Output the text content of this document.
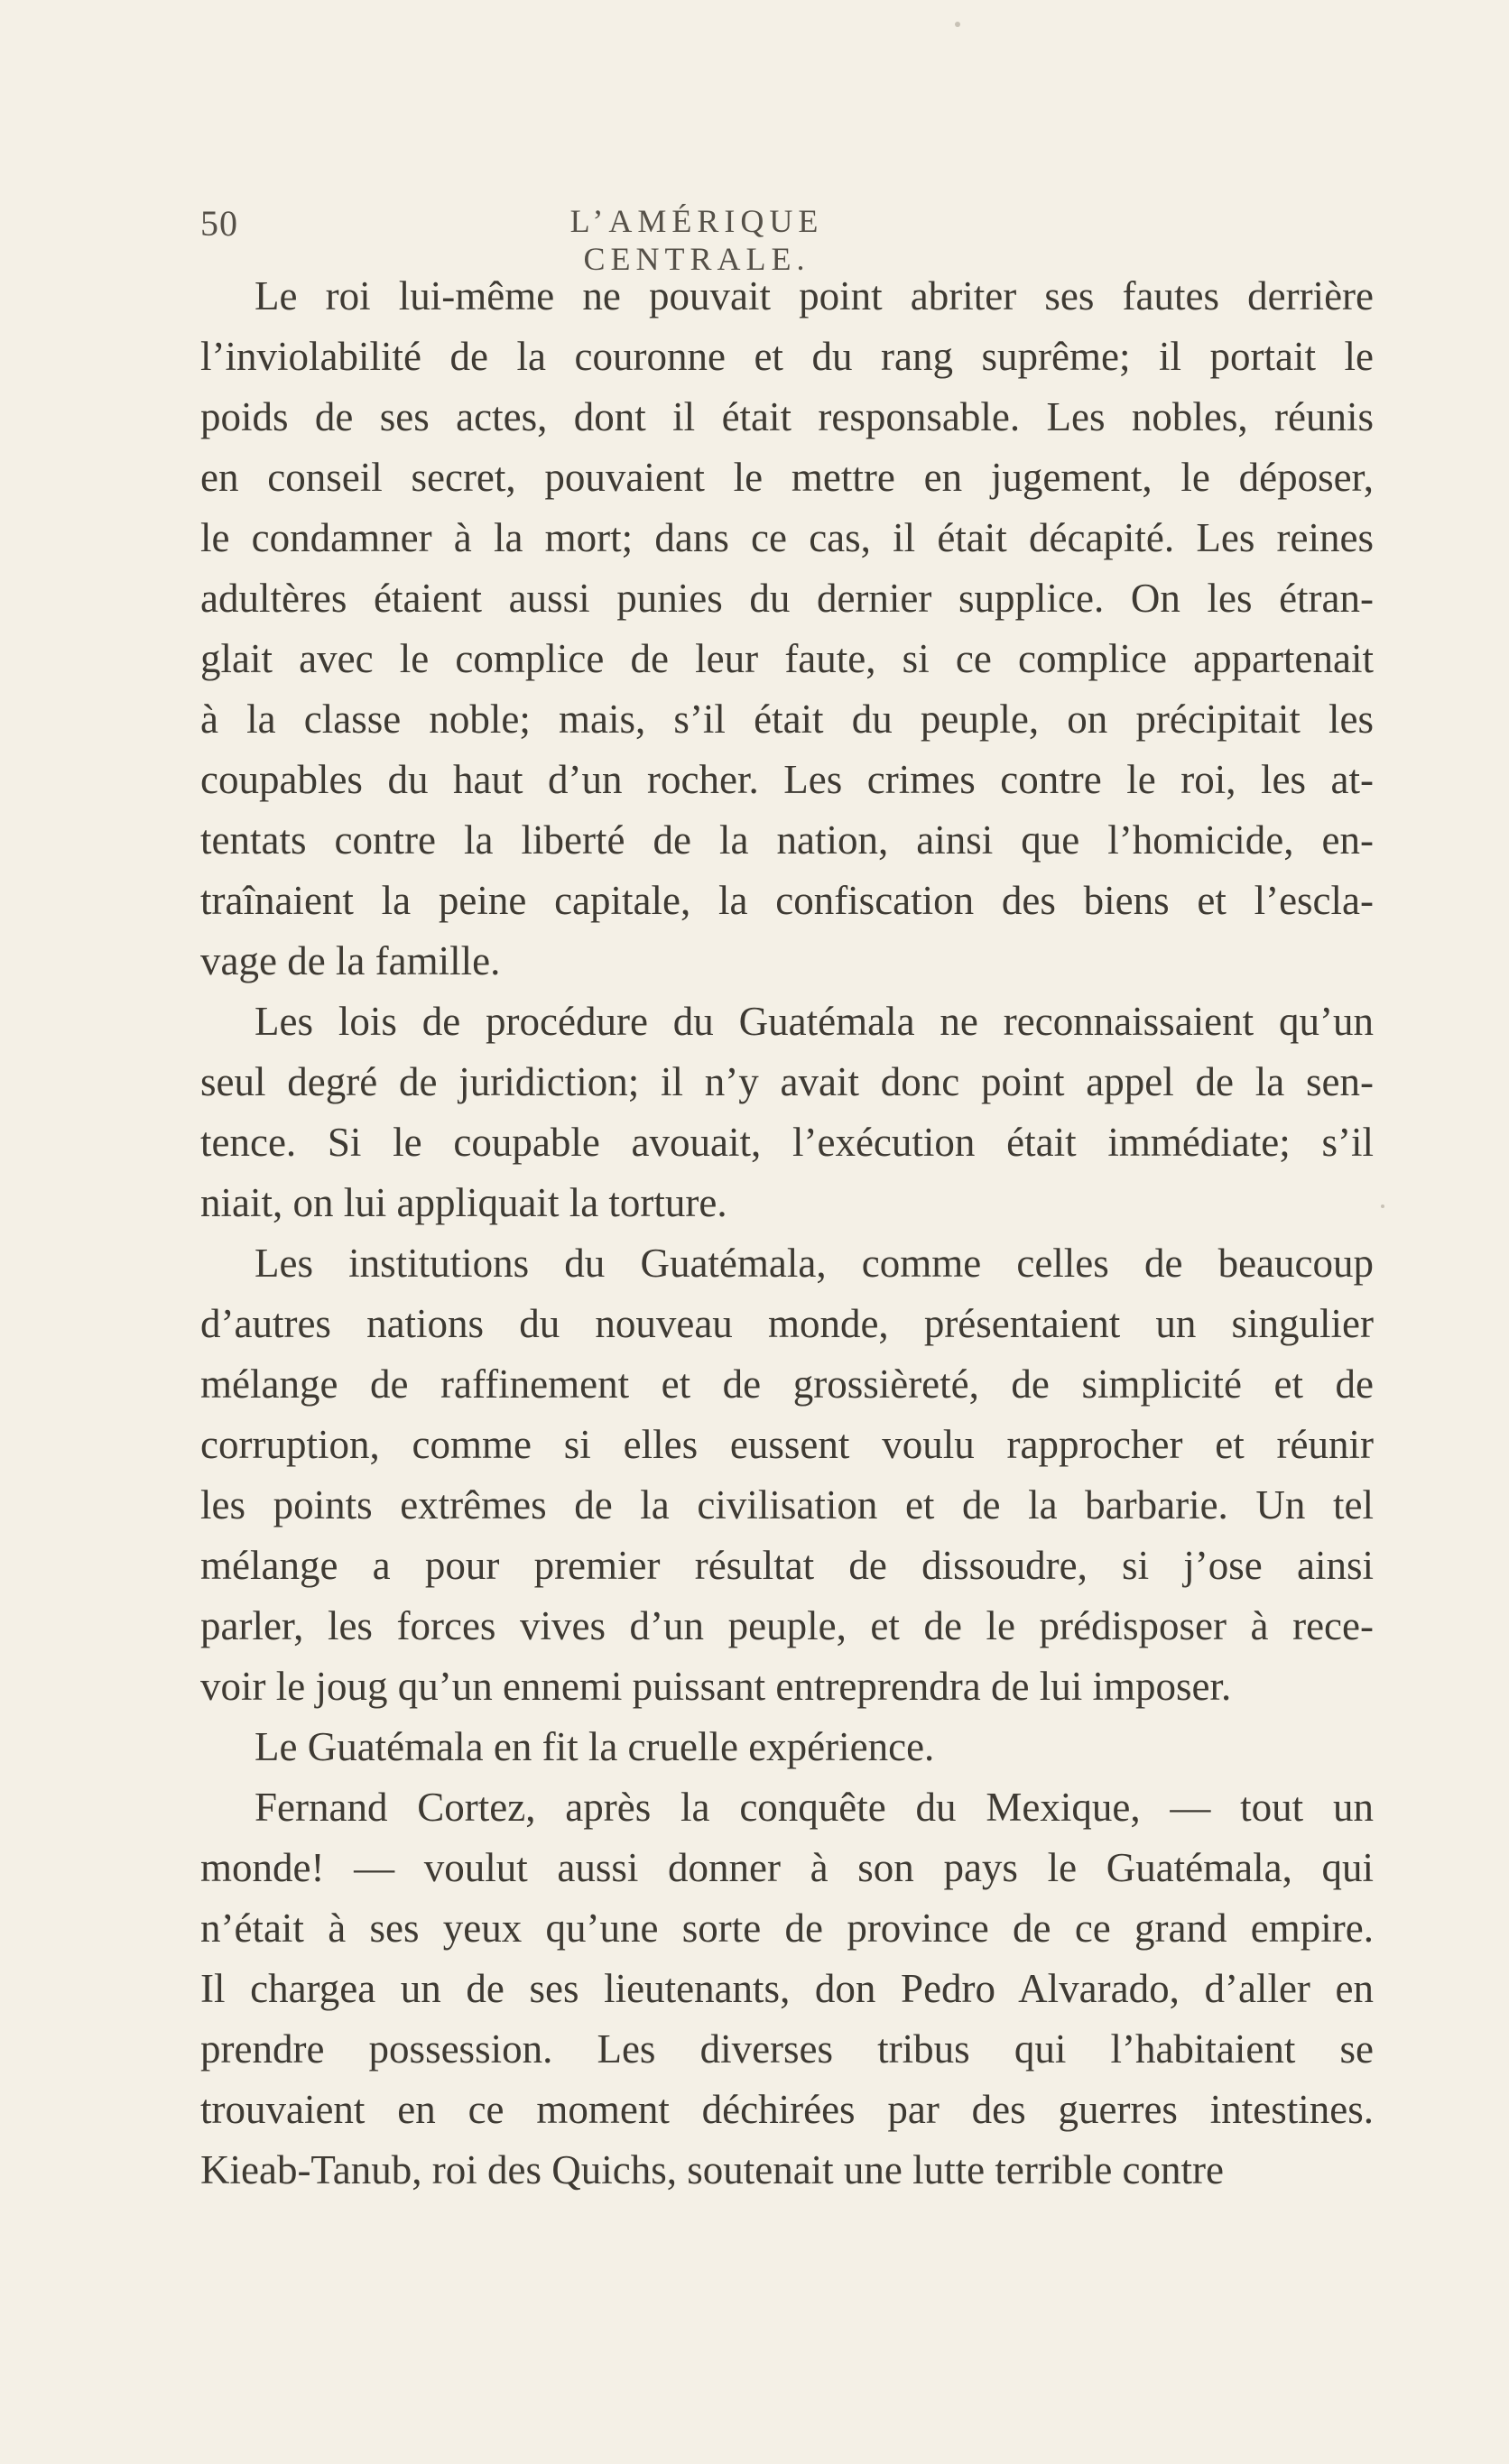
50	L’AMÉRIQUE CENTRALE.
Le roi lui-même ne pouvait point abriter ses fautes derrière
l’inviolabilité de la couronne et du rang suprême; il portait le
poids de ses actes, dont il était responsable. Les nobles, réunis
en conseil secret, pouvaient le mettre en jugement, le déposer,
le condamner à la mort; dans ce cas, il était décapité. Les reines
adultères étaient aussi punies du dernier supplice. On les étran-
glait avec le complice de leur faute, si ce complice appartenait
à la classe noble; mais, s’il était du peuple, on précipitait les
coupables du haut d’un rocher. Les crimes contre le roi, les at-
tentats contre la liberté de la nation, ainsi que l’homicide, en-
traînaient la peine capitale, la confiscation des biens et l’escla-
vage de la famille.
Les lois de procédure du Guatémala ne reconnaissaient qu’un
seul degré de juridiction; il n’y avait donc point appel de la sen-
tence. Si le coupable avouait, l’exécution était immédiate; s’il
niait, on lui appliquait la torture.
Les institutions du Guatémala, comme celles de beaucoup
d’autres nations du nouveau monde, présentaient un singulier
mélange de raffinement et de grossièreté, de simplicité et de
corruption, comme si elles eussent voulu rapprocher et réunir
les points extrêmes de la civilisation et de la barbarie. Un tel
mélange a pour premier résultat de dissoudre, si j’ose ainsi
parler, les forces vives d’un peuple, et de le prédisposer à rece-
voir le joug qu’un ennemi puissant entreprendra de lui imposer.
Le Guatémala en fit la cruelle expérience.
Fernand Cortez, après la conquête du Mexique, — tout un
monde! — voulut aussi donner à son pays le Guatémala, qui
n’était à ses yeux qu’une sorte de province de ce grand empire.
Il chargea un de ses lieutenants, don Pedro Alvarado, d’aller en
prendre possession. Les diverses tribus qui l’habitaient se
trouvaient en ce moment déchirées par des guerres intestines.
Kieab-Tanub, roi des Quichs, soutenait une lutte terrible contre
